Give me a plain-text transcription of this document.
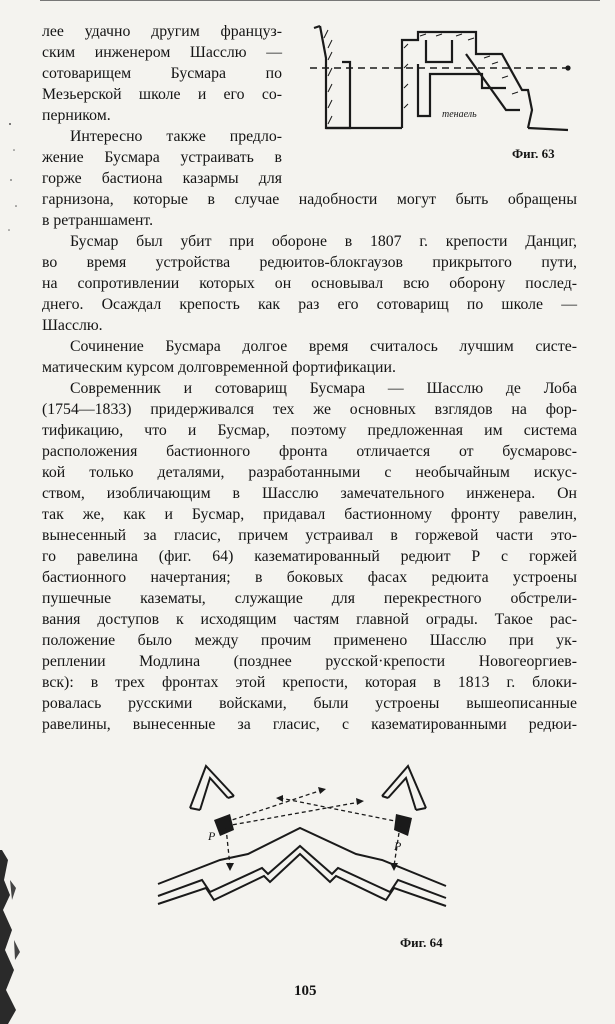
лее удачно другим француз-
ским инженером Шасслю —
сотоварищем Бусмара по
Мезьерской школе и его со-
перником.
Интересно также предло-
жение Бусмара устраивать в
горже бастиона казармы для
гарнизона, которые в случае надобности могут быть обращены
в ретраншамент.
Бусмар был убит при обороне в 1807 г. крепости Данциг,
во время устройства редюитов-блокгаузов прикрытого пути,
на сопротивлении которых он основывал всю оборону послед-
днего. Осаждал крепость как раз его сотоварищ по школе —
Шасслю.
Сочинение Бусмара долгое время считалось лучшим систе-
матическим курсом долговременной фортификации.
Современник и сотоварищ Бусмара — Шасслю де Лоба
(1754—1833) придерживался тех же основных взглядов на фор-
тификацию, что и Бусмар, поэтому предложенная им система
расположения бастионного фронта отличается от бусмаровс-
кой только деталями, разработанными с необычайным искус-
ством, изобличающим в Шасслю замечательного инженера. Он
так же, как и Бусмар, придавал бастионному фронту равелин,
вынесенный за гласис, причем устраивал в горжевой части это-
го равелина (фиг. 64) казематированный редюит Р с горжей
бастионного начертания; в боковых фасах редюита устроены
пушечные казематы, служащие для перекрестного обстрели-
вания доступов к исходящим частям главной ограды. Такое рас-
положение было между прочим применено Шасслю при ук-
реплении Модлина (позднее русской·крепости Новогеоргиев-
вск): в трех фронтах этой крепости, которая в 1813 г. блоки-
ровалась русскими войсками, были устроены вышеописанные
равелины, вынесенные за гласис, с казематированными редюи-
тенаель
Фиг. 63
P
P
Фиг. 64
105
